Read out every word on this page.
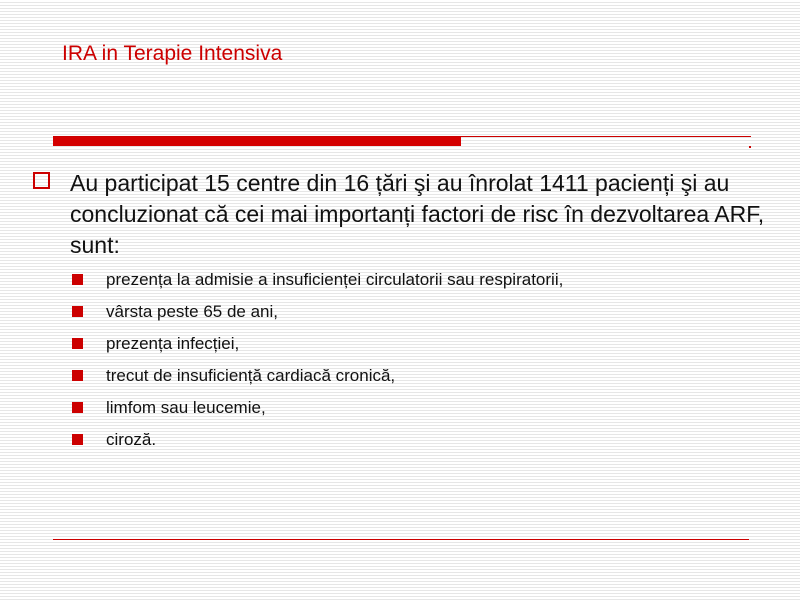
IRA in Terapie Intensiva
Au participat 15 centre din 16 țări şi au înrolat 1411 pacienți şi au concluzionat că cei mai importanți factori de risc în dezvoltarea ARF, sunt:
prezența la admisie a insuficienței circulatorii sau respiratorii,
vârsta peste 65 de ani,
prezența infecției,
trecut de insuficiență cardiacă cronică,
limfom sau leucemie,
ciroză.
